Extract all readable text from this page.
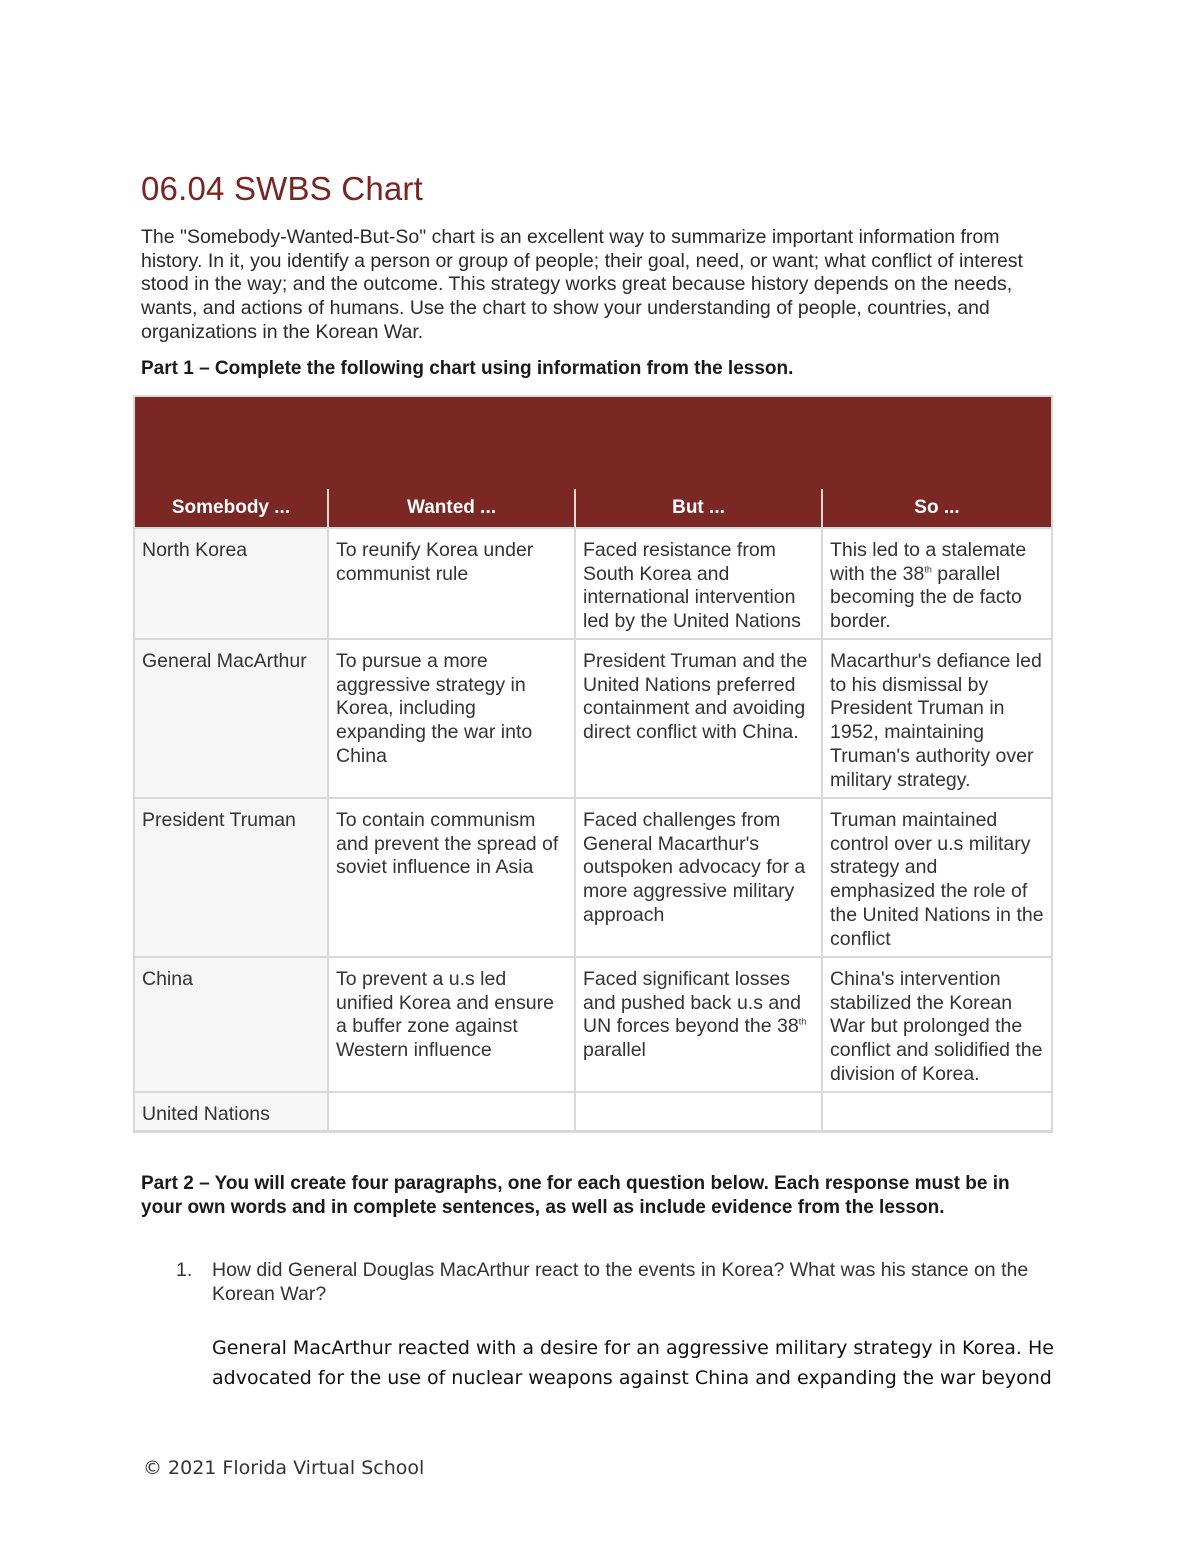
06.04 SWBS Chart

The "Somebody-Wanted-But-So" chart is an excellent way to summarize important information from history. In it, you identify a person or group of people; their goal, need, or want; what conflict of interest stood in the way; and the outcome. This strategy works great because history depends on the needs, wants, and actions of humans. Use the chart to show your understanding of people, countries, and organizations in the Korean War.

Part 1 – Complete the following chart using information from the lesson.

Somebody ...	Wanted ...	But ...	So ...
North Korea	To reunify Korea under communist rule	Faced resistance from South Korea and international intervention led by the United Nations	This led to a stalemate with the 38th parallel becoming the de facto border.
General MacArthur	To pursue a more aggressive strategy in Korea, including expanding the war into China	President Truman and the United Nations preferred containment and avoiding direct conflict with China.	Macarthur's defiance led to his dismissal by President Truman in 1952, maintaining Truman's authority over military strategy.
President Truman	To contain communism and prevent the spread of soviet influence in Asia	Faced challenges from General Macarthur's outspoken advocacy for a more aggressive military approach	Truman maintained control over u.s military strategy and emphasized the role of the United Nations in the conflict
China	To prevent a u.s led unified Korea and ensure a buffer zone against Western influence	Faced significant losses and pushed back u.s and UN forces beyond the 38th parallel	China's intervention stabilized the Korean War but prolonged the conflict and solidified the division of Korea.
United Nations			

Part 2 – You will create four paragraphs, one for each question below. Each response must be in your own words and in complete sentences, as well as include evidence from the lesson.

1. How did General Douglas MacArthur react to the events in Korea? What was his stance on the Korean War?

General MacArthur reacted with a desire for an aggressive military strategy in Korea. He advocated for the use of nuclear weapons against China and expanding the war beyond

© 2021 Florida Virtual School
